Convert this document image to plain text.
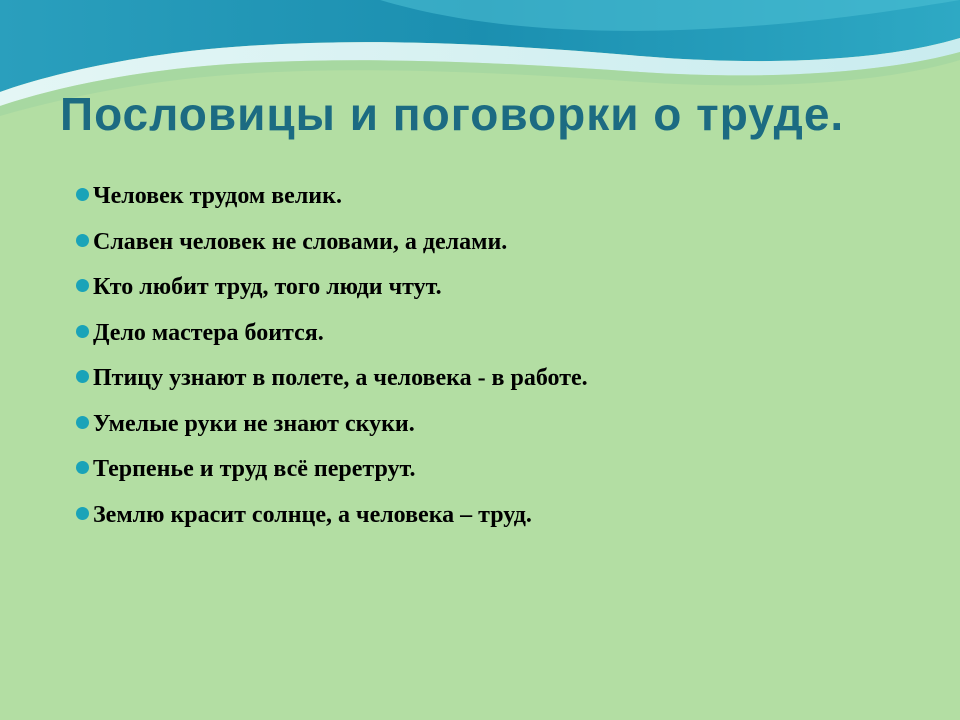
Пословицы и поговорки о труде.
Человек трудом велик.
Славен человек не словами, а делами.
Кто любит труд, того люди чтут.
Дело мастера боится.
Птицу узнают в полете, а человека - в работе.
Умелые руки не знают скуки.
Терпенье и труд всё перетрут.
Землю красит солнце, а человека – труд.
